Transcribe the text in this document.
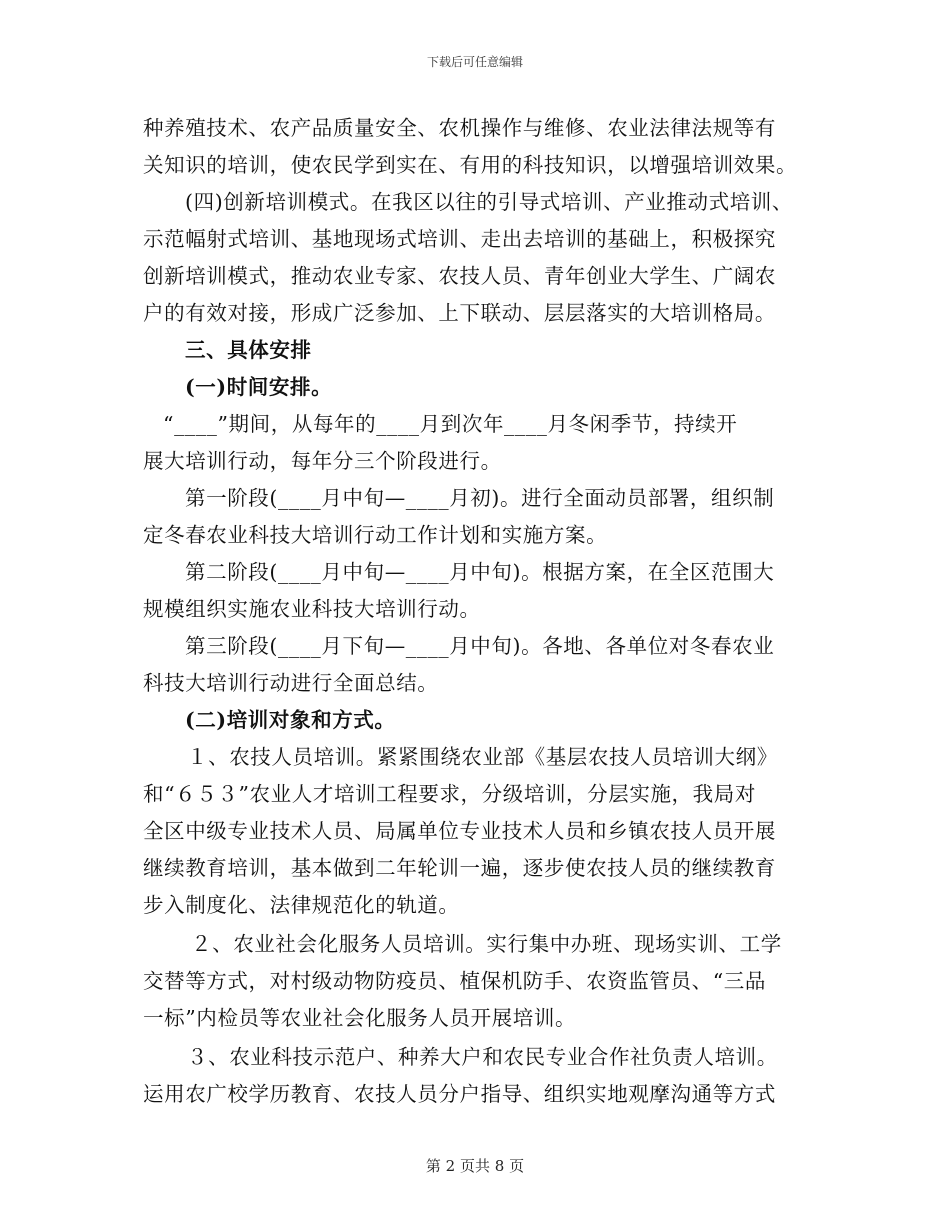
下载后可任意编辑
种养殖技术、农产品质量安全、农机操作与维修、农业法律法规等有
关知识的培训，使农民学到实在、有用的科技知识，以增强培训效果。
(四)创新培训模式。在我区以往的引导式培训、产业推动式培训、
示范幅射式培训、基地现场式培训、走出去培训的基础上，积极探究
创新培训模式，推动农业专家、农技人员、青年创业大学生、广阔农
户的有效对接，形成广泛参加、上下联动、层层落实的大培训格局。
三、具体安排
(一)时间安排。
“____”期间，从每年的____月到次年____月冬闲季节，持续开
展大培训行动，每年分三个阶段进行。
第一阶段(____月中旬—____月初)。进行全面动员部署，组织制
定冬春农业科技大培训行动工作计划和实施方案。
第二阶段(____月中旬—____月中旬)。根据方案，在全区范围大
规模组织实施农业科技大培训行动。
第三阶段(____月下旬—____月中旬)。各地、各单位对冬春农业
科技大培训行动进行全面总结。
(二)培训对象和方式。
１、农技人员培训。紧紧围绕农业部《基层农技人员培训大纲》
和“６５３”农业人才培训工程要求，分级培训，分层实施，我局对
全区中级专业技术人员、局属单位专业技术人员和乡镇农技人员开展
继续教育培训，基本做到二年轮训一遍，逐步使农技人员的继续教育
步入制度化、法律规范化的轨道。
２、农业社会化服务人员培训。实行集中办班、现场实训、工学
交替等方式，对村级动物防疫员、植保机防手、农资监管员、“三品
一标”内检员等农业社会化服务人员开展培训。
３、农业科技示范户、种养大户和农民专业合作社负责人培训。
运用农广校学历教育、农技人员分户指导、组织实地观摩沟通等方式
第 2 页共 8 页
